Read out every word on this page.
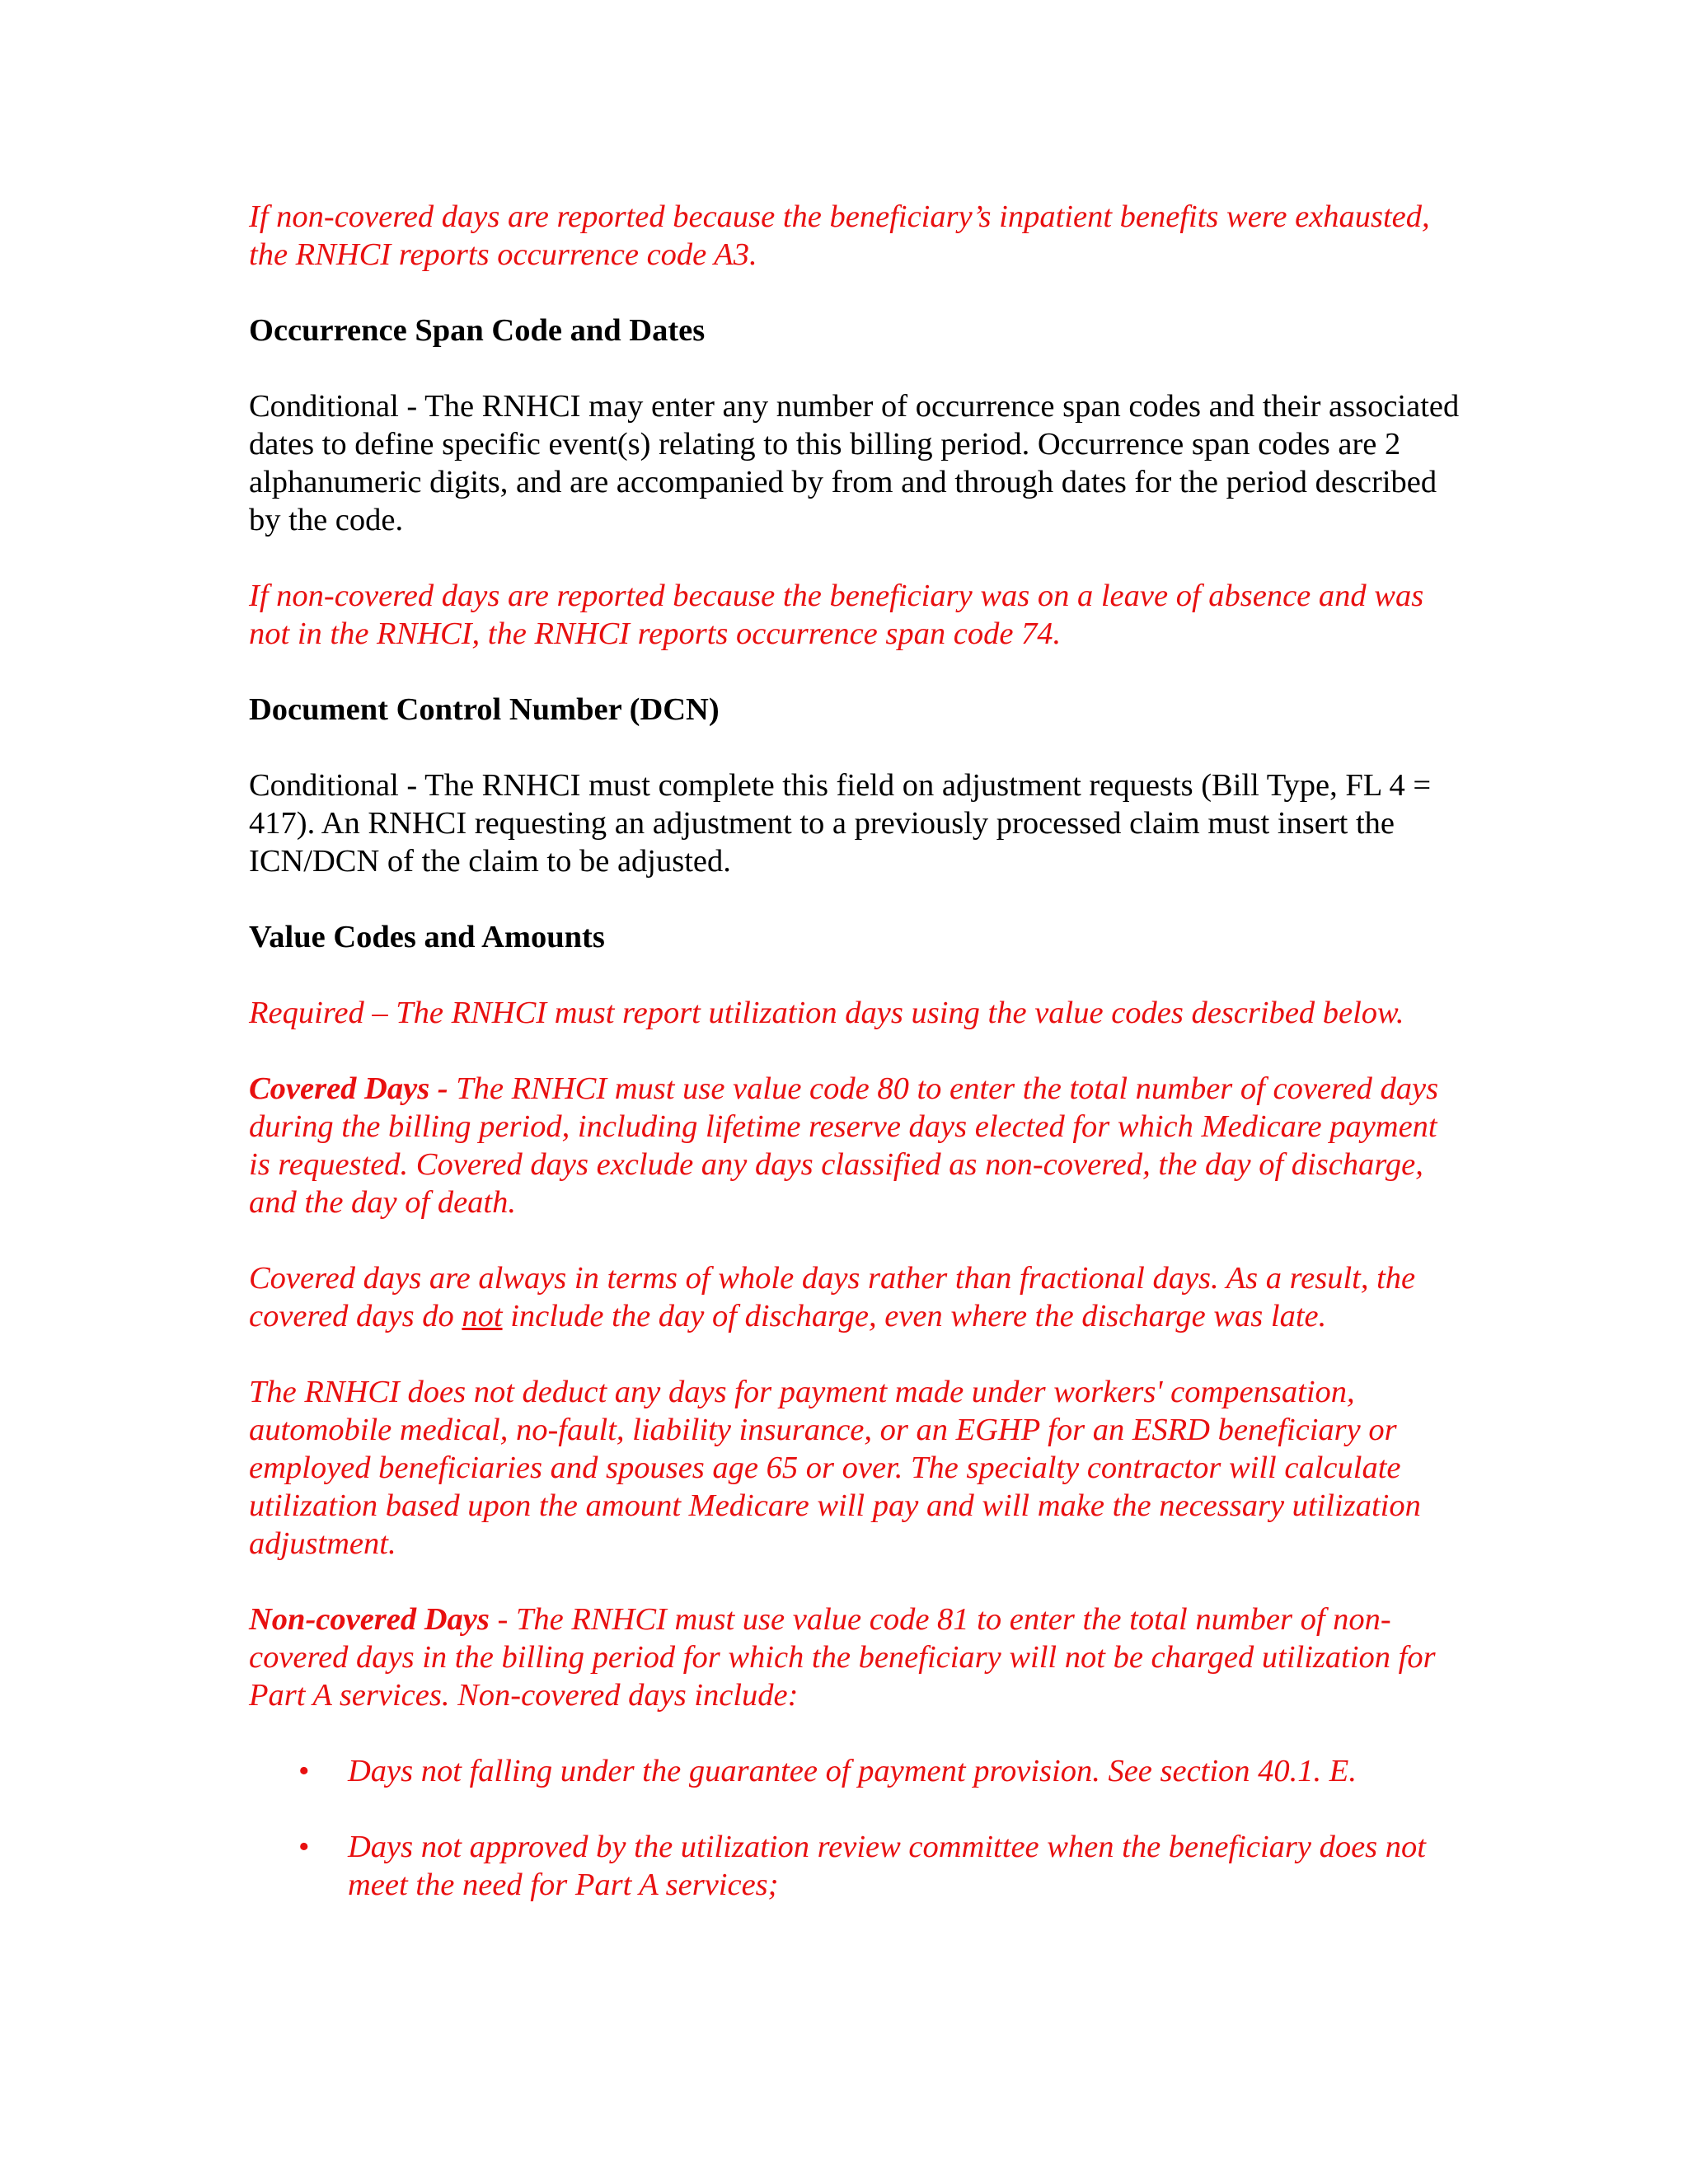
If non-covered days are reported because the beneficiary’s inpatient benefits were exhausted, the RNHCI reports occurrence code A3.

Occurrence Span Code and Dates

Conditional - The RNHCI may enter any number of occurrence span codes and their associated dates to define specific event(s) relating to this billing period. Occurrence span codes are 2 alphanumeric digits, and are accompanied by from and through dates for the period described by the code.

If non-covered days are reported because the beneficiary was on a leave of absence and was not in the RNHCI, the RNHCI reports occurrence span code 74.

Document Control Number (DCN)

Conditional - The RNHCI must complete this field on adjustment requests (Bill Type, FL 4 = 417). An RNHCI requesting an adjustment to a previously processed claim must insert the ICN/DCN of the claim to be adjusted.

Value Codes and Amounts

Required – The RNHCI must report utilization days using the value codes described below.

Covered Days - The RNHCI must use value code 80 to enter the total number of covered days during the billing period, including lifetime reserve days elected for which Medicare payment is requested. Covered days exclude any days classified as non-covered, the day of discharge, and the day of death.

Covered days are always in terms of whole days rather than fractional days. As a result, the covered days do not include the day of discharge, even where the discharge was late.

The RNHCI does not deduct any days for payment made under workers' compensation, automobile medical, no-fault, liability insurance, or an EGHP for an ESRD beneficiary or employed beneficiaries and spouses age 65 or over. The specialty contractor will calculate utilization based upon the amount Medicare will pay and will make the necessary utilization adjustment.

Non-covered Days - The RNHCI must use value code 81 to enter the total number of non-covered days in the billing period for which the beneficiary will not be charged utilization for Part A services. Non-covered days include:

• Days not falling under the guarantee of payment provision. See section 40.1. E.
• Days not approved by the utilization review committee when the beneficiary does not meet the need for Part A services;
